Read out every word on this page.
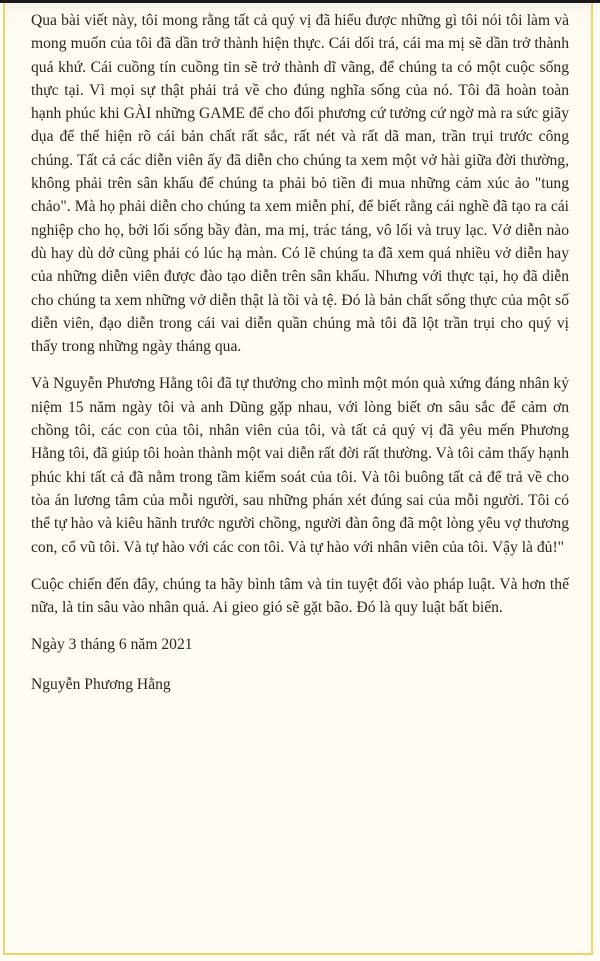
Qua bài viết này, tôi mong rằng tất cả quý vị đã hiểu được những gì tôi nói tôi làm và mong muốn của tôi đã dần trở thành hiện thực. Cái dối trá, cái ma mị sẽ dần trở thành quá khứ. Cái cuồng tín cuồng tin sẽ trở thành dĩ vãng, để chúng ta có một cuộc sống thực tại. Vì mọi sự thật phải trả về cho đúng nghĩa sống của nó. Tôi đã hoàn toàn hạnh phúc khi GÀI những GAME để cho đối phương cứ tưởng cứ ngờ mà ra sức giãy dụa để thể hiện rõ cái bản chất rất sắc, rất nét và rất dã man, trần trụi trước công chúng. Tất cả các diễn viên ấy đã diễn cho chúng ta xem một vở hài giữa đời thường, không phải trên sân khấu để chúng ta phải bỏ tiền đi mua những cảm xúc ảo "tung chảo". Mà họ phải diễn cho chúng ta xem miễn phí, để biết rằng cái nghề đã tạo ra cái nghiệp cho họ, bởi lối sống bầy đàn, ma mị, trác táng, vô lối và truy lạc. Vở diễn nào dù hay dù dở cũng phải có lúc hạ màn. Có lẽ chúng ta đã xem quá nhiều vở diễn hay của những diễn viên được đào tạo diễn trên sân khấu. Nhưng với thực tại, họ đã diễn cho chúng ta xem những vở diễn thật là tồi và tệ. Đó là bản chất sống thực của một số diễn viên, đạo diễn trong cái vai diễn quần chúng mà tôi đã lột trần trụi cho quý vị thấy trong những ngày tháng qua.

Và Nguyễn Phương Hằng tôi đã tự thưởng cho mình một món quà xứng đáng nhân kỷ niệm 15 năm ngày tôi và anh Dũng gặp nhau, với lòng biết ơn sâu sắc để cảm ơn chồng tôi, các con của tôi, nhân viên của tôi, và tất cả quý vị đã yêu mến Phương Hằng tôi, đã giúp tôi hoàn thành một vai diễn rất đời rất thường. Và tôi cảm thấy hạnh phúc khi tất cả đã nằm trong tầm kiểm soát của tôi. Và tôi buông tất cả để trả về cho tòa án lương tâm của mỗi người, sau những phán xét đúng sai của mỗi người. Tôi có thể tự hào và kiêu hãnh trước người chồng, người đàn ông đã một lòng yêu vợ thương con, cổ vũ tôi. Và tự hào với các con tôi. Và tự hào với nhân viên của tôi. Vậy là đủ!"

Cuộc chiến đến đây, chúng ta hãy bình tâm và tin tuyệt đối vào pháp luật. Và hơn thế nữa, là tin sâu vào nhân quả. Ai gieo gió sẽ gặt bão. Đó là quy luật bất biến.

Ngày 3 tháng 6 năm 2021

Nguyễn Phương Hằng
